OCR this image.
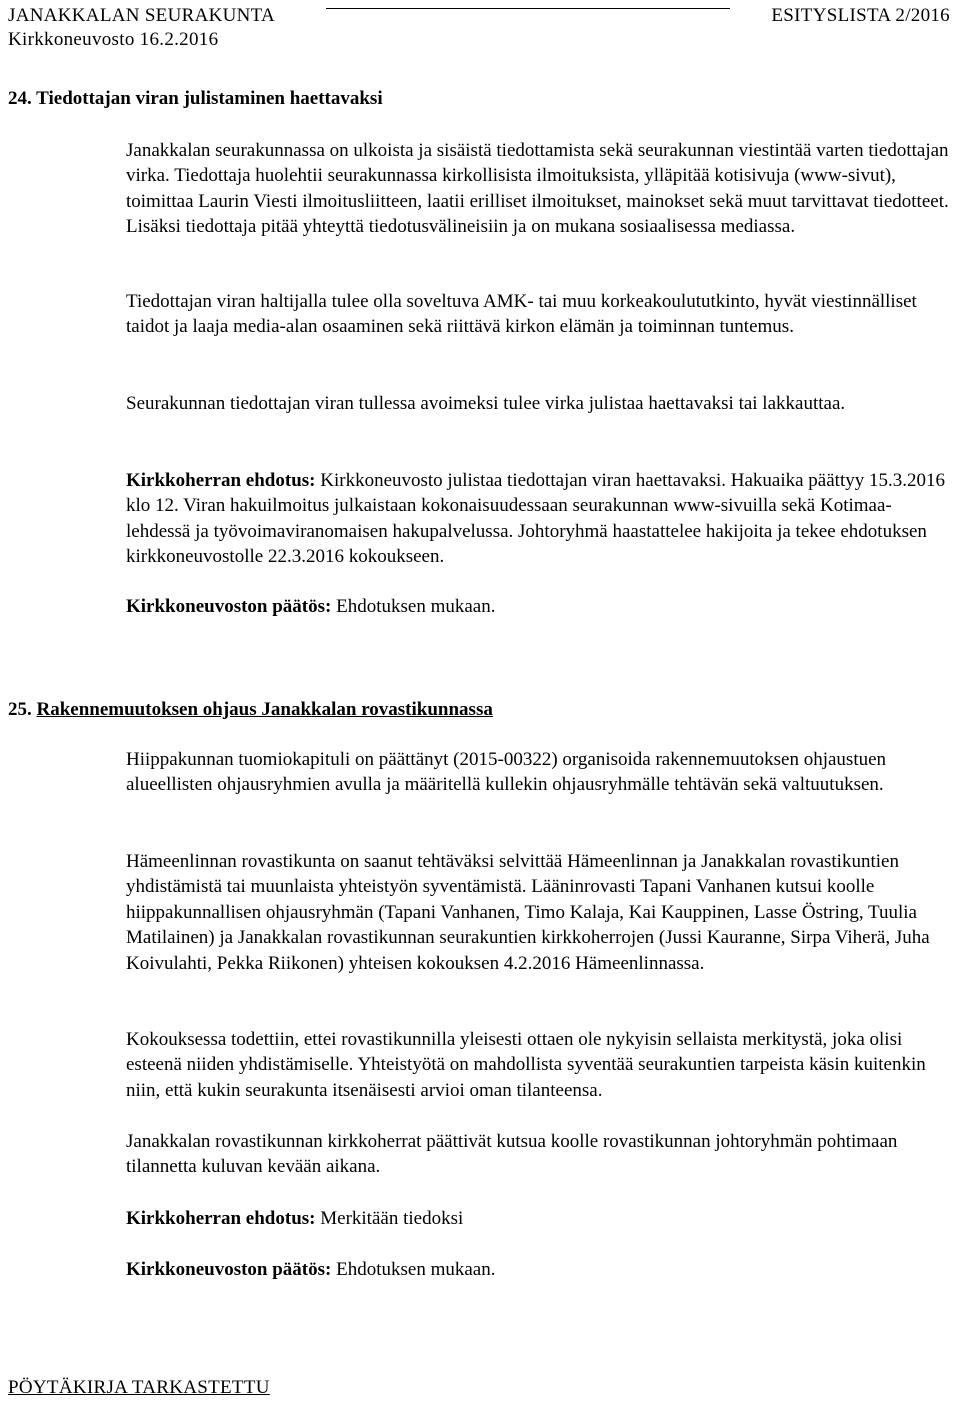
JANAKKALAN SEURAKUNTA	ESITYSLISTA 2/2016
Kirkkoneuvosto 16.2.2016
24. Tiedottajan viran julistaminen haettavaksi

Janakkalan seurakunnassa on ulkoista ja sisäistä tiedottamista sekä seurakunnan viestintää varten tiedottajan virka. Tiedottaja huolehtii seurakunnassa kirkollisista ilmoituksista, ylläpitää kotisivuja (www-sivut), toimittaa Laurin Viesti ilmoitusliitteen, laatii erilliset ilmoitukset, mainokset sekä muut tarvittavat tiedotteet. Lisäksi tiedottaja pitää yhteyttä tiedotusvälineisiin ja on mukana sosiaalisessa mediassa.

Tiedottajan viran haltijalla tulee olla soveltuva AMK- tai muu korkeakoulututkinto, hyvät viestinnälliset taidot ja laaja media-alan osaaminen sekä riittävä kirkon elämän ja toiminnan tuntemus.

Seurakunnan tiedottajan viran tullessa avoimeksi tulee virka julistaa haettavaksi tai lakkauttaa.

Kirkkoherran ehdotus: Kirkkoneuvosto julistaa tiedottajan viran haettavaksi. Hakuaika päättyy 15.3.2016 klo 12. Viran hakuilmoitus julkaistaan kokonaisuudessaan seurakunnan www-sivuilla sekä Kotimaa-lehdessä ja työvoimaviranomaisen hakupalvelussa. Johtoryhmä haastattelee hakijoita ja tekee ehdotuksen kirkkoneuvostolle 22.3.2016 kokoukseen.

Kirkkoneuvoston päätös: Ehdotuksen mukaan.

25. Rakennemuutoksen ohjaus Janakkalan rovastikunnassa

Hiippakunnan tuomiokapituli on päättänyt (2015-00322) organisoida rakennemuutoksen ohjaustuen alueellisten ohjausryhmien avulla ja määritellä kullekin ohjausryhmälle tehtävän sekä valtuutuksen.

Hämeenlinnan rovastikunta on saanut tehtäväksi selvittää Hämeenlinnan ja Janakkalan rovastikuntien yhdistämistä tai muunlaista yhteistyön syventämistä. Lääninrovasti Tapani Vanhanen kutsui koolle hiippakunnallisen ohjausryhmän (Tapani Vanhanen, Timo Kalaja, Kai Kauppinen, Lasse Östring, Tuulia Matilainen) ja Janakkalan rovastikunnan seurakuntien kirkkoherrojen (Jussi Kauranne, Sirpa Viherä, Juha Koivulahti, Pekka Riikonen) yhteisen kokouksen 4.2.2016 Hämeenlinnassa.

Kokouksessa todettiin, ettei rovastikunnilla yleisesti ottaen ole nykyisin sellaista merkitystä, joka olisi esteenä niiden yhdistämiselle. Yhteistyötä on mahdollista syventää seurakuntien tarpeista käsin kuitenkin niin, että kukin seurakunta itsenäisesti arvioi oman tilanteensa.

Janakkalan rovastikunnan kirkkoherrat päättivät kutsua koolle rovastikunnan johtoryhmän pohtimaan tilannetta kuluvan kevään aikana.

Kirkkoherran ehdotus: Merkitään tiedoksi

Kirkkoneuvoston päätös: Ehdotuksen mukaan.

PÖYTÄKIRJA TARKASTETTU
